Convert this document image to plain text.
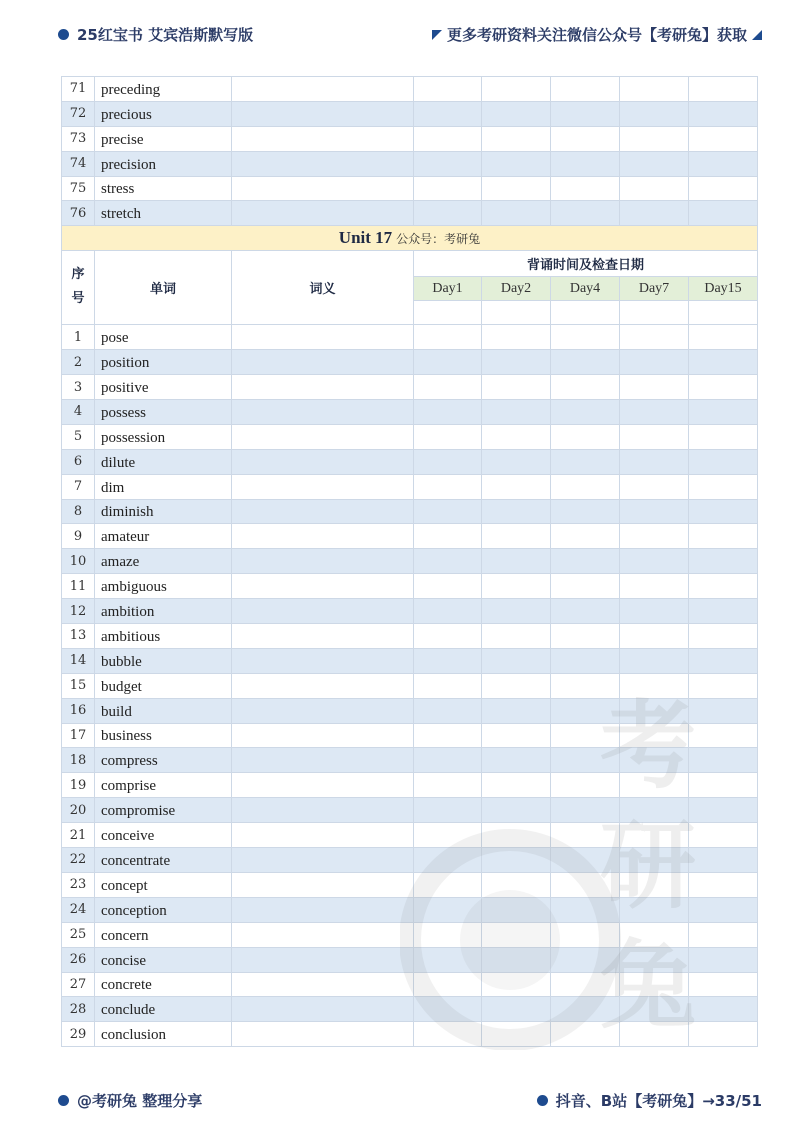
25红宝书 艾宾浩斯默写版	更多考研资料关注微信公众号【考研兔】获取
71	preceding						
72	precious						
73	precise						
74	precision						
75	stress						
76	stretch						
Unit 17 公众号：考研兔							
序号	单词	词义	背诵时间及检查日期				
			Day1	Day2	Day4	Day7	Day15

1	pose						
2	position						
3	positive						
4	possess						
5	possession						
6	dilute						
7	dim						
8	diminish						
9	amateur						
10	amaze						
11	ambiguous						
12	ambition						
13	ambitious						
14	bubble						
15	budget						
16	build						
17	business						
18	compress						
19	comprise						
20	compromise						
21	conceive						
22	concentrate						
23	concept						
24	conception						
25	concern						
26	concise						
27	concrete						
28	conclude						
29	conclusion						
考
兔
@考研兔 整理分享	抖音、B站【考研兔】→33/51
